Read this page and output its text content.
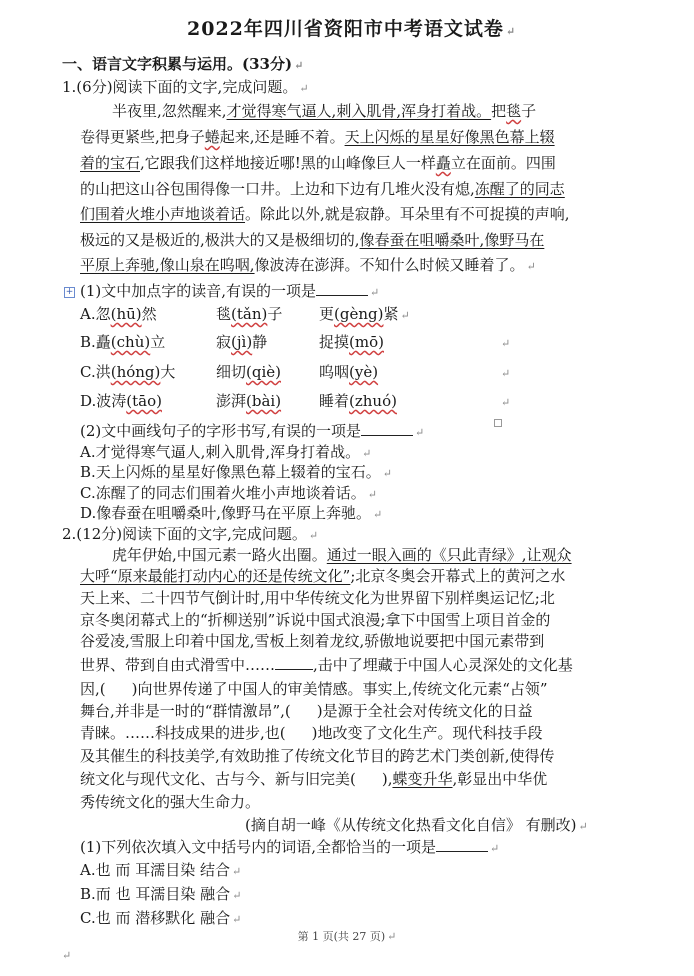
2022年四川省资阳市中考语文试卷 ↵
一、语言文字积累与运用。(33分) ↵
1.(6分)阅读下面的文字,完成问题。 ↵
半夜里,忽然醒来,才觉得寒气逼人,刺入肌骨,浑身打着战。把毯子
卷得更紧些,把身子蜷起来,还是睡不着。天上闪烁的星星好像黑色幕上辍
着的宝石,它跟我们这样地接近哪!黑的山峰像巨人一样矗立在面前。四围
的山把这山谷包围得像一口井。上边和下边有几堆火没有熄,冻醒了的同志
们围着火堆小声地谈着话。除此以外,就是寂静。耳朵里有不可捉摸的声响,
极远的又是极近的,极洪大的又是极细切的,像春蚕在咀嚼桑叶,像野马在
平原上奔驰,像山泉在呜咽,像波涛在澎湃。不知什么时候又睡着了。 ↵
+ (1)文中加点字的读音,有误的一项是	↵
A.忽(hū)然	毯(tǎn)子 更(gèng)紧 ↵
B.矗(chù)立	寂(jì)静	捉摸(mō)	↵
C.洪(hóng)大	细切(qiè)	呜咽(yè)	↵
D.波涛(tāo)	澎湃(bài)	睡着(zhuó)	↵
(2)文中画线句子的字形书写,有误的一项是	↵
A.才觉得寒气逼人,刺入肌骨,浑身打着战。 ↵
B.天上闪烁的星星好像黑色幕上辍着的宝石。 ↵
C.冻醒了的同志们围着火堆小声地谈着话。 ↵
D.像春蚕在咀嚼桑叶,像野马在平原上奔驰。 ↵
2.(12分)阅读下面的文字,完成问题。 ↵
虎年伊始,中国元素一路火出圈。通过一眼入画的《只此青绿》,让观众
大呼“原来最能打动内心的还是传统文化”;北京冬奥会开幕式上的黄河之水
天上来、二十四节气倒计时,用中华传统文化为世界留下别样奥运记忆;北
京冬奥闭幕式上的“折柳送别”诉说中国式浪漫;拿下中国雪上项目首金的
谷爱凌,雪服上印着中国龙,雪板上刻着龙纹,骄傲地说要把中国元素带到
世界、带到自由式滑雪中……	,击中了埋藏于中国人心灵深处的文化基
因,( )向世界传递了中国人的审美情感。事实上,传统文化元素“占领”
舞台,并非是一时的“群情激昂”,( )是源于全社会对传统文化的日益
青睐。……科技成果的进步,也( )地改变了文化生产。现代科技手段
及其催生的科技美学,有效助推了传统文化节目的跨艺术门类创新,使得传
统文化与现代文化、古与今、新与旧完美( ),蝶变升华,彰显出中华优
秀传统文化的强大生命力。
(摘自胡一峰《从传统文化热看文化自信》 有删改) ↵
(1)下列依次填入文中括号内的词语,全都恰当的一项是	↵
A.也 而 耳濡目染 结合 ↵
B.而 也 耳濡目染 融合 ↵
C.也 而 潜移默化 融合 ↵
第 1 页(共 27 页) ↵
↵
